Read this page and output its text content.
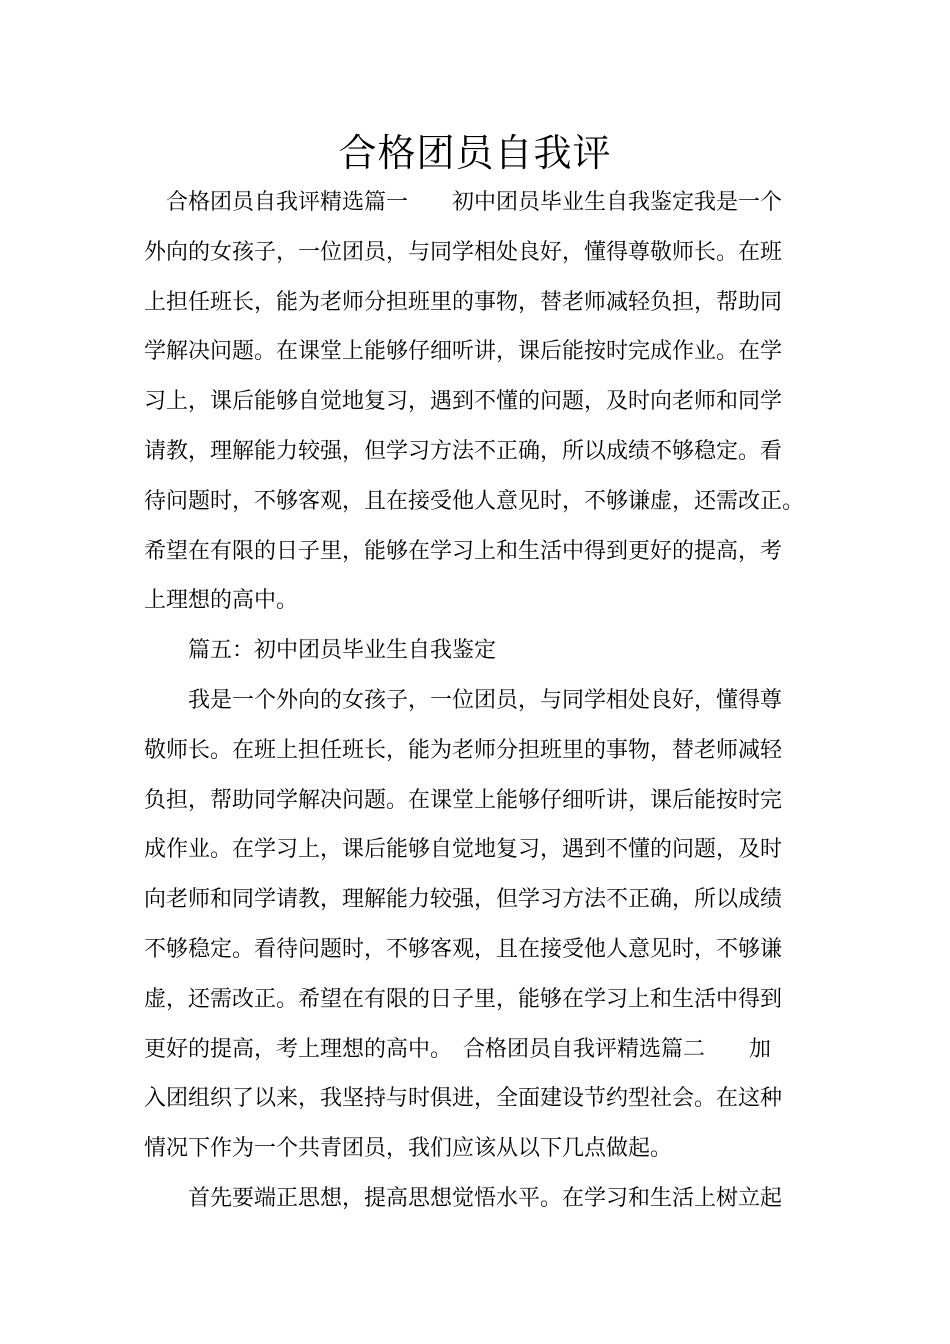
合格团员自我评
合格团员自我评精选篇一　　初中团员毕业生自我鉴定我是一个
外向的女孩子，一位团员，与同学相处良好，懂得尊敬师长。在班
上担任班长，能为老师分担班里的事物，替老师减轻负担，帮助同
学解决问题。在课堂上能够仔细听讲，课后能按时完成作业。在学
习上，课后能够自觉地复习，遇到不懂的问题，及时向老师和同学
请教，理解能力较强，但学习方法不正确，所以成绩不够稳定。看
待问题时，不够客观，且在接受他人意见时，不够谦虚，还需改正。
希望在有限的日子里，能够在学习上和生活中得到更好的提高，考
上理想的高中。
篇五：初中团员毕业生自我鉴定
我是一个外向的女孩子，一位团员，与同学相处良好，懂得尊
敬师长。在班上担任班长，能为老师分担班里的事物，替老师减轻
负担，帮助同学解决问题。在课堂上能够仔细听讲，课后能按时完
成作业。在学习上，课后能够自觉地复习，遇到不懂的问题，及时
向老师和同学请教，理解能力较强，但学习方法不正确，所以成绩
不够稳定。看待问题时，不够客观，且在接受他人意见时，不够谦
虚，还需改正。希望在有限的日子里，能够在学习上和生活中得到
更好的提高，考上理想的高中。　合格团员自我评精选篇二　　加
入团组织了以来，我坚持与时俱进，全面建设节约型社会。在这种
情况下作为一个共青团员，我们应该从以下几点做起。
首先要端正思想，提高思想觉悟水平。在学习和生活上树立起
